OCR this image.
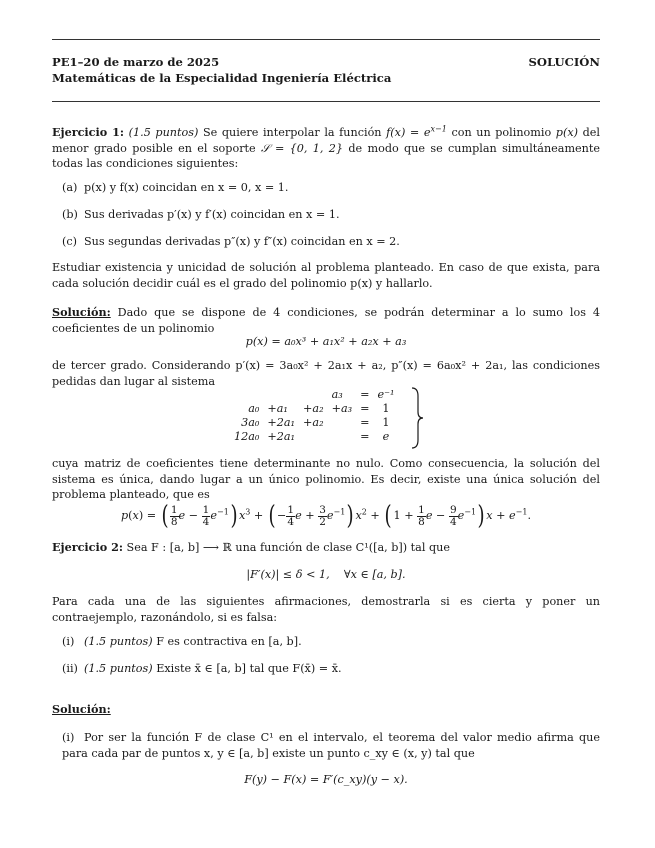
PE1–20 de marzo de 2025
Matemáticas de la Especialidad Ingeniería Eléctrica
SOLUCIÓN
Ejercicio 1: (1.5 puntos) Se quiere interpolar la función $f(x) = e^{x-1}$ con un polinomio p(x) del menor grado posible en el soporte 𝒮 = {0, 1, 2} de modo que se cumplan simultáneamente todas las condiciones siguientes:
(a) p(x) y f(x) coincidan en x = 0, x = 1.
(b) Sus derivadas p′(x) y f′(x) coincidan en x = 1.
(c) Sus segundas derivadas p″(x) y f″(x) coincidan en x = 2.
Estudiar existencia y unicidad de solución al problema planteado. En caso de que exista, para cada solución decidir cuál es el grado del polinomio p(x) y hallarlo.
Solución: Dado que se dispone de 4 condiciones, se podrán determinar a lo sumo los 4 coeficientes de un polinomio
p(x) = a₀x³ + a₁x² + a₂x + a₃
de tercer grado. Considerando p′(x) = 3a₀x² + 2a₁x + a₂, p″(x) = 6a₀x² + 2a₁, las condiciones pedidas dan lugar al sistema
			a₃	=	e⁻¹
a₀	+a₁	+a₂	+a₃	=	1
3a₀	+2a₁	+a₂		=	1
12a₀	+2a₁			=	e
cuya matriz de coeficientes tiene determinante no nulo. Como consecuencia, la solución del sistema es única, dando lugar a un único polinomio. Es decir, existe una única solución del problema planteado, que es
p(x) = ( $\frac{1}{8}$ $e - \frac{1}{4} e^{-1}$) $x^3$ + ( − $\frac{1}{4}$ $e + \frac{3}{2} e^{-1}$) $x^2$ + ( $1 + \frac{1}{8}$ $e - \frac{9}{4} e^{-1}$) $x + e^{-1}$.
Ejercicio 2: Sea F : [a, b] ⟶ ℝ una función de clase C¹([a, b]) tal que
|F′(x)| ≤ δ < 1,    ∀x ∈ [a, b].
Para cada una de las siguientes afirmaciones, demostrarla si es cierta y poner un contraejemplo, razonándolo, si es falsa:
(i) (1.5 puntos) F es contractiva en [a, b].
(ii) (1.5 puntos) Existe x̄ ∈ [a, b] tal que F(x̄) = x̄.
Solución:
(i) Por ser la función F de clase C¹ en el intervalo, el teorema del valor medio afirma que para cada par de puntos x, y ∈ [a, b] existe un punto c_xy ∈ (x, y) tal que
F(y) − F(x) = F′(c_xy)(y − x).
